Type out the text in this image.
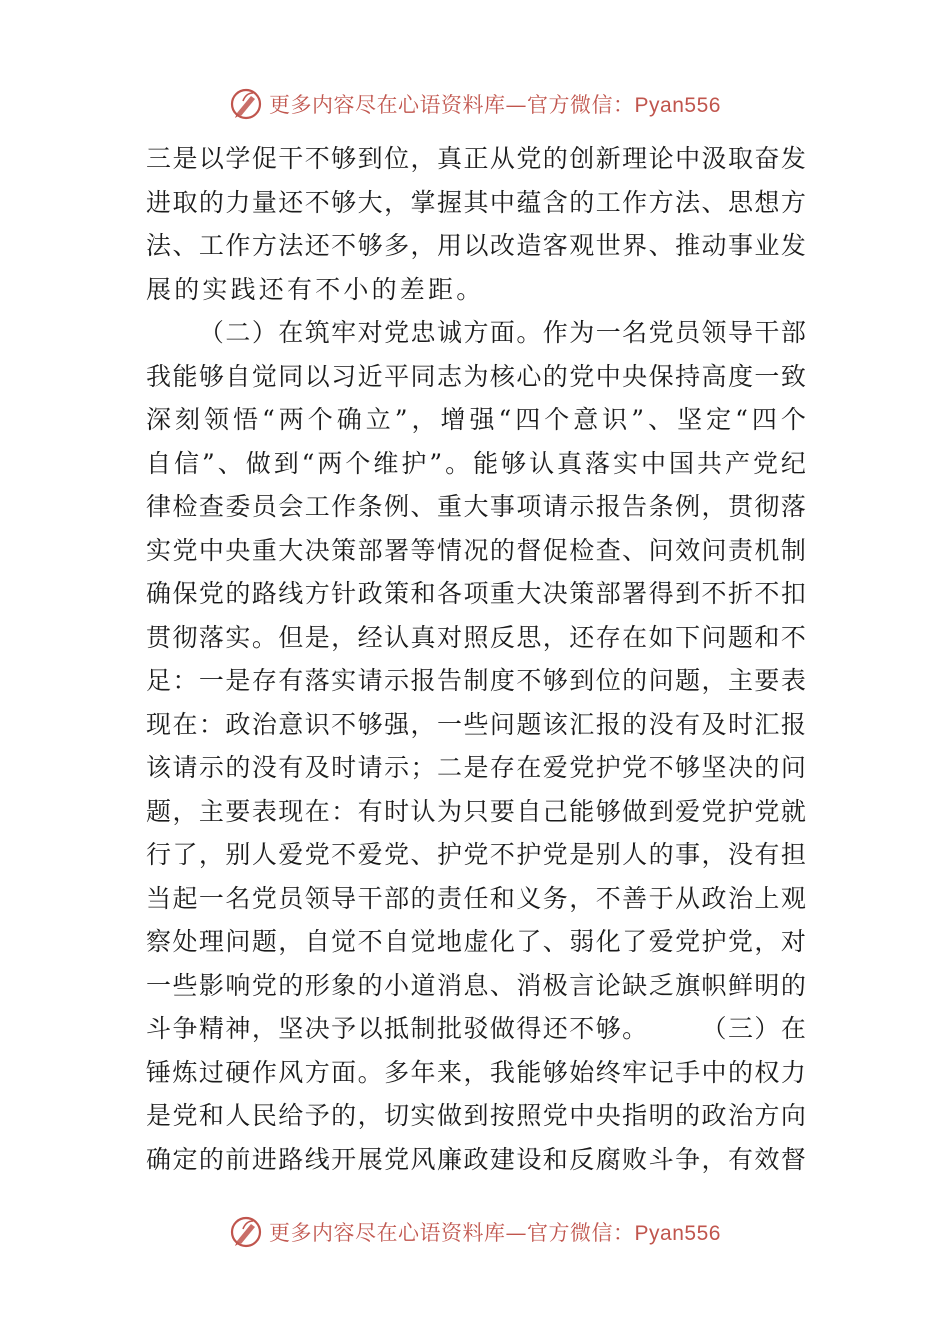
更多内容尽在心语资料库—官方微信：Pyan556
三 是 以 学 促 干 不 够 到 位 ， 真 正 从 党 的 创 新 理 论 中 汲 取 奋 发
进 取 的 力 量 还 不 够 大 ， 掌 握 其 中 蕴 含 的 工 作 方 法 、 思 想 方
法 、 工 作 方 法 还 不 够 多 ， 用 以 改 造 客 观 世 界 、 推 动 事 业 发
展的实践还有不小的差距。

（ 二 ） 在 筑 牢 对 党 忠 诚 方 面 。 作 为 一 名 党 员 领 导 干 部
我 能 够 自 觉 同 以 习 近 平 同 志 为 核 心 的 党 中 央 保 持 高 度 一 致
深 刻 领 悟 “ 两 个 确 立 ” ， 增 强 “ 四 个 意 识 ” 、 坚 定 “ 四 个
自 信 ” 、 做 到 “ 两 个 维 护 ” 。 能 够 认 真 落 实 中 国 共 产 党 纪
律 检 查 委 员 会 工 作 条 例 、 重 大 事 项 请 示 报 告 条 例 ， 贯 彻 落
实 党 中 央 重 大 决 策 部 署 等 情 况 的 督 促 检 查 、 问 效 问 责 机 制
确 保 党 的 路 线 方 针 政 策 和 各 项 重 大 决 策 部 署 得 到 不 折 不 扣
贯 彻 落 实 。 但 是 ， 经 认 真 对 照 反 思 ， 还 存 在 如 下 问 题 和 不
足 ： 一 是 存 有 落 实 请 示 报 告 制 度 不 够 到 位 的 问 题 ， 主 要 表
现 在 ： 政 治 意 识 不 够 强 ， 一 些 问 题 该 汇 报 的 没 有 及 时 汇 报
该 请 示 的 没 有 及 时 请 示 ； 二 是 存 在 爱 党 护 党 不 够 坚 决 的 问
题 ， 主 要 表 现 在 ： 有 时 认 为 只 要 自 己 能 够 做 到 爱 党 护 党 就
行 了 ， 别 人 爱 党 不 爱 党 、 护 党 不 护 党 是 别 人 的 事 ， 没 有 担
当 起 一 名 党 员 领 导 干 部 的 责 任 和 义 务 ， 不 善 于 从 政 治 上 观
察 处 理 问 题 ， 自 觉 不 自 觉 地 虚 化 了 、 弱 化 了 爱 党 护 党 ， 对
一 些 影 响 党 的 形 象 的 小 道 消 息 、 消 极 言 论 缺 乏 旗 帜 鲜 明 的
斗 争 精 神 ， 坚 决 予 以 抵 制 批 驳 做 得 还 不 够 。

　 （ 三 ） 在
锤 炼 过 硬 作 风 方 面 。 多 年 来 ， 我 能 够 始 终 牢 记 手 中 的 权 力
是 党 和 人 民 给 予 的 ， 切 实 做 到 按 照 党 中 央 指 明 的 政 治 方 向
确 定 的 前 进 路 线 开 展 党 风 廉 政 建 设 和 反 腐 败 斗 争 ， 有 效 督
更多内容尽在心语资料库—官方微信：Pyan556
